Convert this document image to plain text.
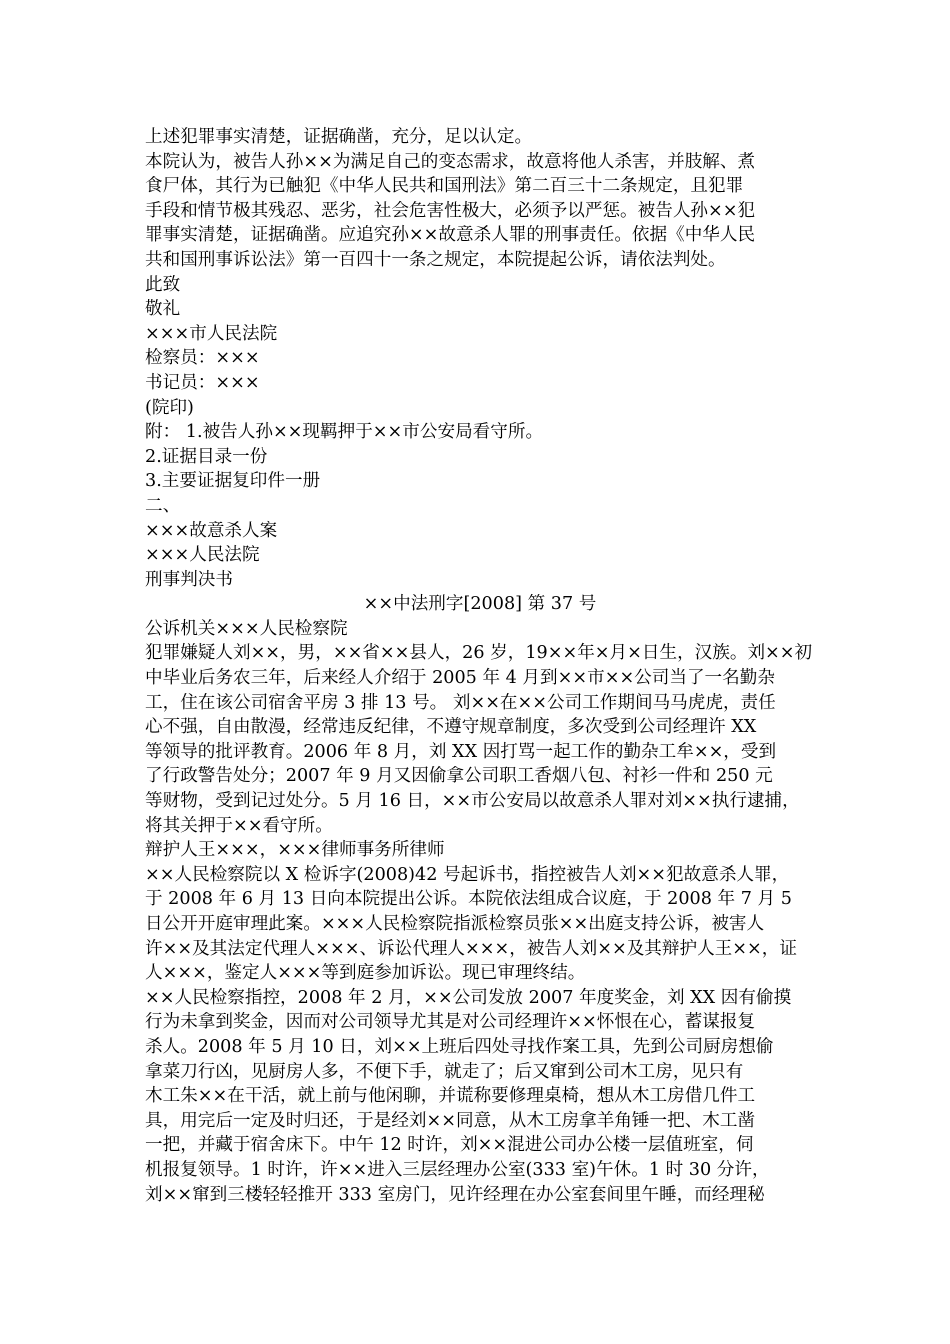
上述犯罪事实清楚，证据确凿，充分，足以认定。
本院认为，被告人孙××为满足自己的变态需求，故意将他人杀害，并肢解、煮
食尸体，其行为已触犯《中华人民共和国刑法》第二百三十二条规定，且犯罪
手段和情节极其残忍、恶劣，社会危害性极大，必须予以严惩。被告人孙××犯
罪事实清楚，证据确凿。应追究孙××故意杀人罪的刑事责任。依据《中华人民
共和国刑事诉讼法》第一百四十一条之规定，本院提起公诉，请依法判处。
此致
敬礼
×××市人民法院
检察员：×××
书记员：×××
(院印)
附： 1.被告人孙××现羁押于××市公安局看守所。
2.证据目录一份
3.主要证据复印件一册
二、
×××故意杀人案
×××人民法院
刑事判决书
××中法刑字[2008] 第 37 号
公诉机关×××人民检察院
犯罪嫌疑人刘××，男，××省××县人，26 岁，19××年×月×日生，汉族。刘××初
中毕业后务农三年，后来经人介绍于 2005 年 4 月到××市××公司当了一名勤杂
工，住在该公司宿舍平房 3 排 13 号。 刘××在××公司工作期间马马虎虎，责任
心不强，自由散漫，经常违反纪律，不遵守规章制度，多次受到公司经理许 XX
等领导的批评教育。2006 年 8 月，刘 XX 因打骂一起工作的勤杂工牟××，受到
了行政警告处分；2007 年 9 月又因偷拿公司职工香烟八包、衬衫一件和 250 元
等财物，受到记过处分。5 月 16 日，××市公安局以故意杀人罪对刘××执行逮捕，
将其关押于××看守所。
辩护人王×××，×××律师事务所律师
××人民检察院以 X 检诉字(2008)42 号起诉书，指控被告人刘××犯故意杀人罪，
于 2008 年 6 月 13 日向本院提出公诉。本院依法组成合议庭，于 2008 年 7 月 5
日公开开庭审理此案。×××人民检察院指派检察员张××出庭支持公诉，被害人
许××及其法定代理人×××、诉讼代理人×××，被告人刘××及其辩护人王××，证
人×××，鉴定人×××等到庭参加诉讼。现已审理终结。
××人民检察指控，2008 年 2 月，××公司发放 2007 年度奖金，刘 XX 因有偷摸
行为未拿到奖金，因而对公司领导尤其是对公司经理许××怀恨在心，蓄谋报复
杀人。2008 年 5 月 10 日，刘××上班后四处寻找作案工具，先到公司厨房想偷
拿菜刀行凶，见厨房人多，不便下手，就走了；后又窜到公司木工房，见只有
木工朱××在干活，就上前与他闲聊，并谎称要修理桌椅，想从木工房借几件工
具，用完后一定及时归还，于是经刘××同意，从木工房拿羊角锤一把、木工凿
一把，并藏于宿舍床下。中午 12 时许，刘××混进公司办公楼一层值班室，伺
机报复领导。1 时许，许××进入三层经理办公室(333 室)午休。1 时 30 分许，
刘××窜到三楼轻轻推开 333 室房门，见许经理在办公室套间里午睡，而经理秘
